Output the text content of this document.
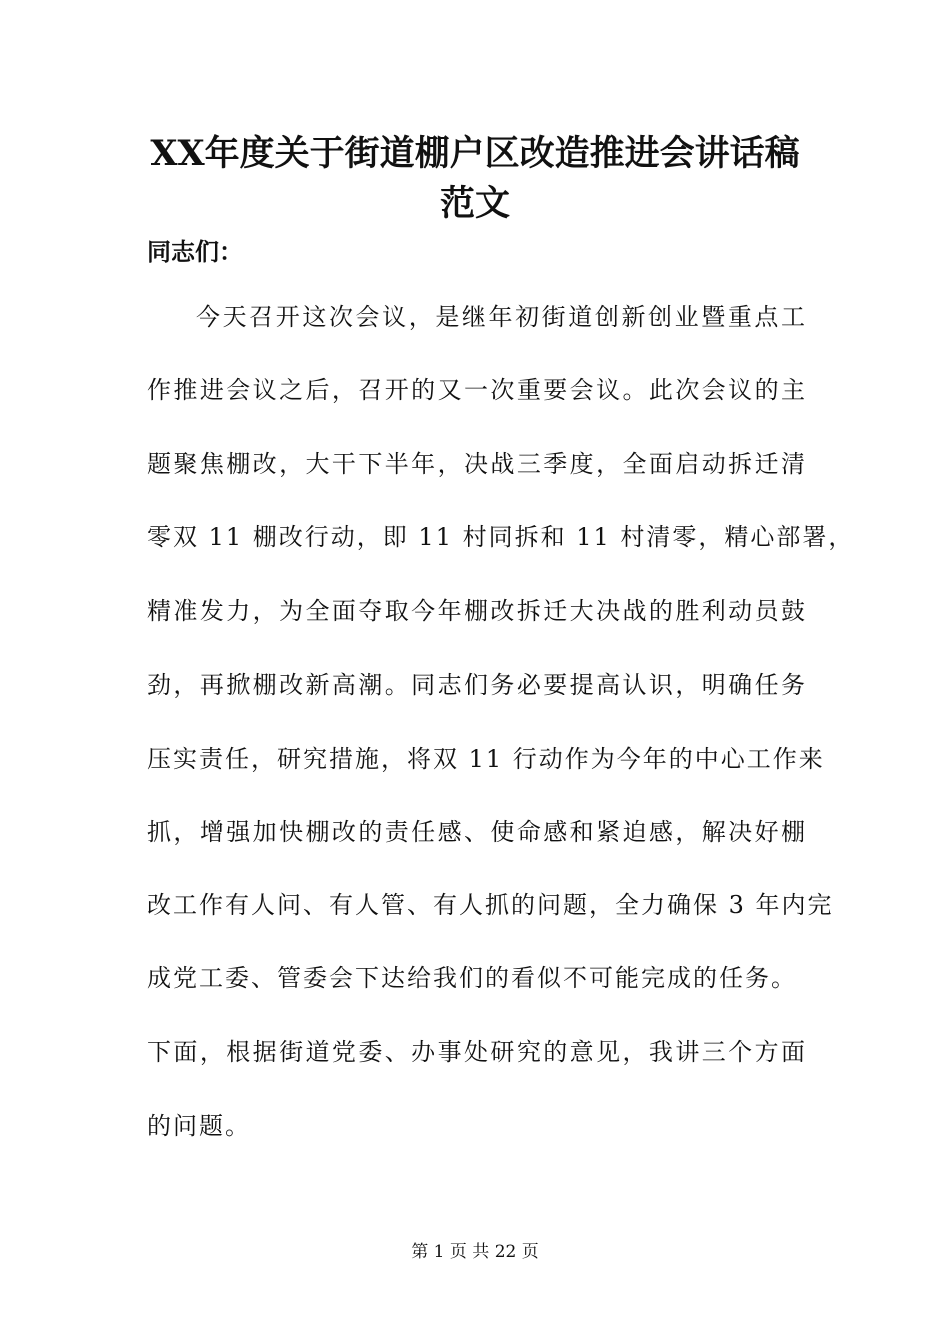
XX年度关于街道棚户区改造推进会讲话稿
范文

同志们：

今天召开这次会议，是继年初街道创新创业暨重点工

作推进会议之后，召开的又一次重要会议。此次会议的主

题聚焦棚改，大干下半年，决战三季度，全面启动拆迁清

零双 11 棚改行动，即 11 村同拆和 11 村清零，精心部署，

精准发力，为全面夺取今年棚改拆迁大决战的胜利动员鼓

劲，再掀棚改新高潮。同志们务必要提高认识，明确任务

压实责任，研究措施，将双 11 行动作为今年的中心工作来

抓，增强加快棚改的责任感、使命感和紧迫感，解决好棚

改工作有人问、有人管、有人抓的问题，全力确保 3 年内完

成党工委、管委会下达给我们的看似不可能完成的任务。

下面，根据街道党委、办事处研究的意见，我讲三个方面

的问题。

第 1 页 共 22 页
